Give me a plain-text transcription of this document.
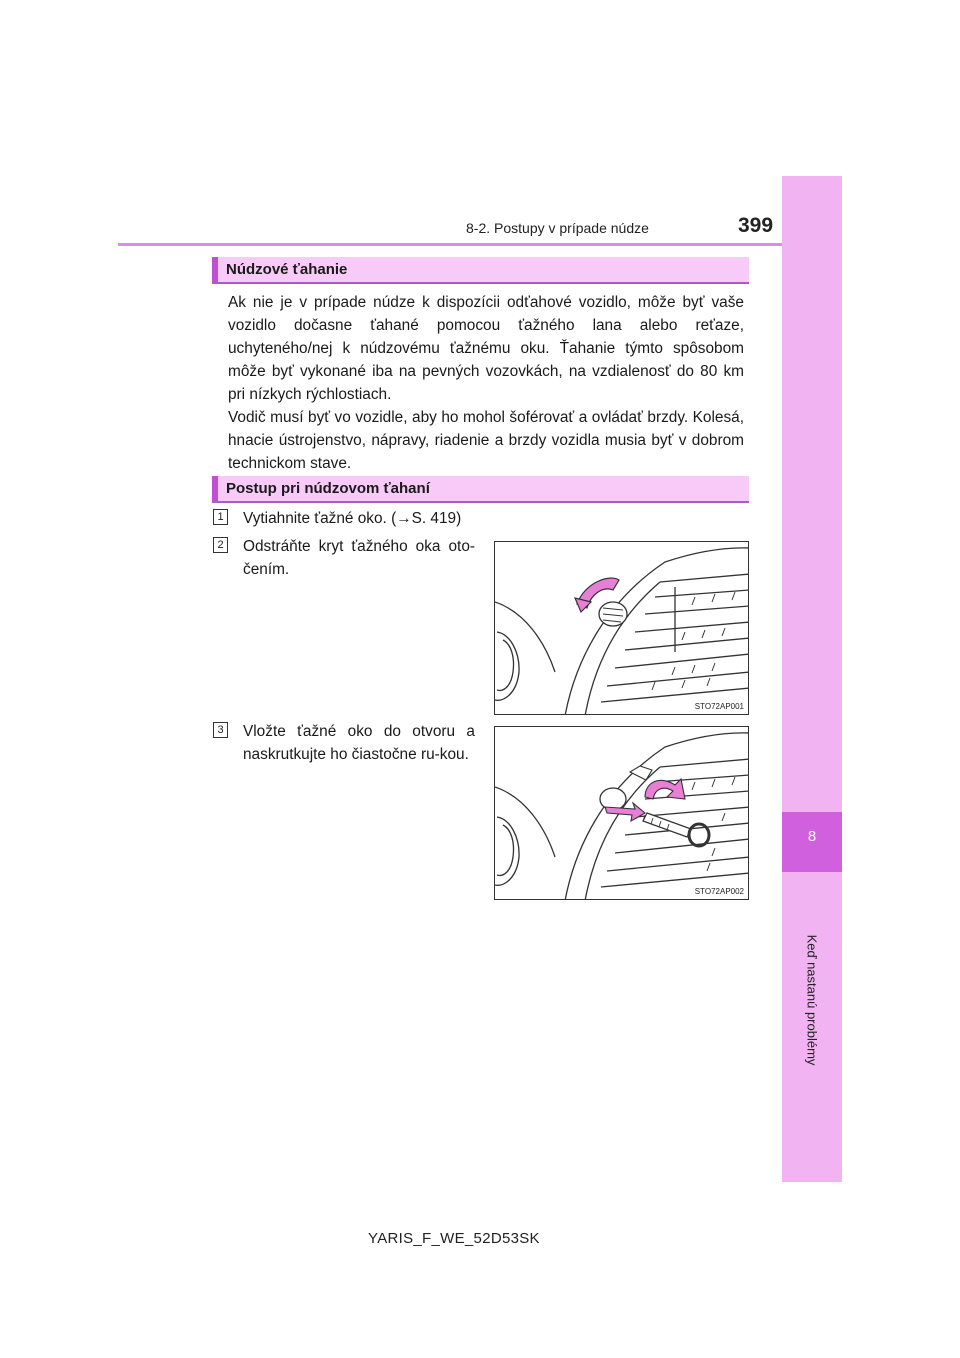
8
Keď nastanú problémy
8-2. Postupy v prípade núdze	399
Núdzové ťahanie

Ak nie je v prípade núdze k dispozícii odťahové vozidlo, môže byť vaše vozidlo dočasne ťahané pomocou ťažného lana alebo reťaze, uchyteného/nej k núdzovému ťažnému oku. Ťahanie týmto spôsobom môže byť vykonané iba na pevných vozovkách, na vzdialenosť do 80 km pri nízkych rýchlostiach.

Vodič musí byť vo vozidle, aby ho mohol šoférovať a ovládať brzdy. Kolesá, hnacie ústrojenstvo, nápravy, riadenie a brzdy vozidla musia byť v dobrom technickom stave.

Postup pri núdzovom ťahaní
1 Vytiahnite ťažné oko. (→S. 419)

2 Odstráňte kryt ťažného oka oto-čením.

STO72AP001
3 Vložte ťažné oko do otvoru a naskrutkujte ho čiastočne ru-kou.

STO72AP002
YARIS_F_WE_52D53SK
